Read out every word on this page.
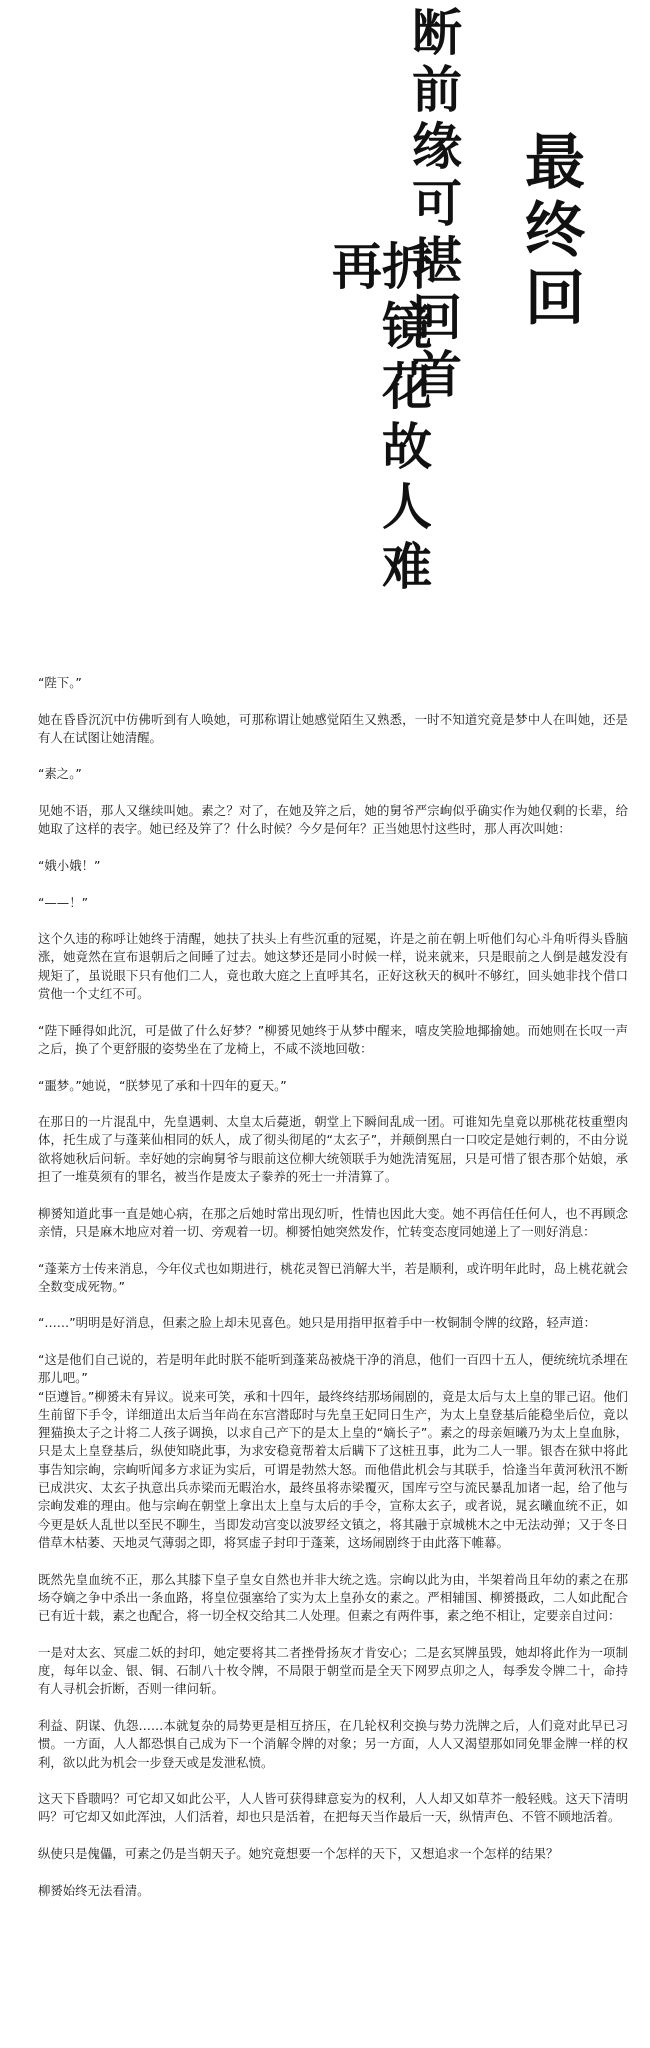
最终回
断前缘可堪回首
折镜花故人难再

“陛下。”

她在昏昏沉沉中仿佛听到有人唤她，可那称谓让她感觉陌生又熟悉，一时不知道究竟是梦中人在叫她，还是有人在试图让她清醒。

“素之。”

见她不语，那人又继续叫她。素之？对了，在她及笄之后，她的舅爷严宗峋似乎确实作为她仅剩的长辈，给她取了这样的表字。她已经及笄了？什么时候？今夕是何年？正当她思忖这些时，那人再次叫她：

“娥小娥！”

“——！”

这个久违的称呼让她终于清醒，她扶了扶头上有些沉重的冠冕，许是之前在朝上听他们勾心斗角听得头昏脑涨，她竟然在宣布退朝后之间睡了过去。她这梦还是同小时候一样，说来就来，只是眼前之人倒是越发没有规矩了，虽说眼下只有他们二人，竟也敢大庭之上直呼其名，正好这秋天的枫叶不够红，回头她非找个借口赏他一个丈红不可。

“陛下睡得如此沉，可是做了什么好梦？”柳赟见她终于从梦中醒来，嘻皮笑脸地揶揄她。而她则在长叹一声之后，换了个更舒服的姿势坐在了龙椅上，不咸不淡地回敬：

“噩梦。”她说，“朕梦见了承和十四年的夏天。”

在那日的一片混乱中，先皇遇刺、太皇太后薨逝，朝堂上下瞬间乱成一团。可谁知先皇竟以那桃花枝重塑肉体，托生成了与蓬莱仙相同的妖人，成了彻头彻尾的“太玄子”，并颠倒黑白一口咬定是她行刺的，不由分说欲将她秋后问斩。幸好她的宗峋舅爷与眼前这位柳大统领联手为她洗清冤屈，只是可惜了银杏那个姑娘，承担了一堆莫须有的罪名，被当作是废太子豢养的死士一并清算了。

柳赟知道此事一直是她心病，在那之后她时常出现幻听，性情也因此大变。她不再信任任何人，也不再顾念亲情，只是麻木地应对着一切、旁观着一切。柳赟怕她突然发作，忙转变态度同她递上了一则好消息：

“蓬莱方士传来消息，今年仪式也如期进行，桃花灵智已消解大半，若是顺利，或许明年此时，岛上桃花就会全数变成死物。”

“……”明明是好消息，但素之脸上却未见喜色。她只是用指甲抠着手中一枚铜制令牌的纹路，轻声道：

“这是他们自己说的，若是明年此时朕不能听到蓬莱岛被烧干净的消息，他们一百四十五人，便统统坑杀埋在那儿吧。”
“臣遵旨。”柳赟未有异议。说来可笑，承和十四年，最终终结那场闹剧的，竟是太后与太上皇的罪己诏。他们生前留下手令，详细道出太后当年尚在东宫潜邸时与先皇王妃同日生产，为太上皇登基后能稳坐后位，竟以狸猫换太子之计将二人孩子调换，以求自己产下的是太上皇的“嫡长子”。素之的母亲姮曦乃为太上皇血脉，只是太上皇登基后，纵使知晓此事，为求安稳竟帮着太后瞒下了这桩丑事，此为二人一罪。银杏在狱中将此事告知宗峋，宗峋听闻多方求证为实后，可谓是勃然大怒。而他借此机会与其联手，恰逢当年黄河秋汛不断已成洪灾、太玄子执意出兵赤梁而无暇治水，最终虽将赤梁覆灭，国库亏空与流民暴乱加诸一起，给了他与宗峋发难的理由。他与宗峋在朝堂上拿出太上皇与太后的手令，宣称太玄子，或者说，晁玄曦血统不正，如今更是妖人乱世以至民不聊生，当即发动宫变以波罗经文镇之，将其融于京城桃木之中无法动弹；又于冬日借草木枯萎、天地灵气薄弱之即，将冥虚子封印于蓬莱，这场闹剧终于由此落下帷幕。

既然先皇血统不正，那么其膝下皇子皇女自然也并非大统之选。宗峋以此为由，半架着尚且年幼的素之在那场夺嫡之争中杀出一条血路，将皇位强塞给了实为太上皇孙女的素之。严相辅国、柳赟摄政，二人如此配合已有近十载，素之也配合，将一切全权交给其二人处理。但素之有两件事，素之绝不相让，定要亲自过问：

一是对太玄、冥虚二妖的封印，她定要将其二者挫骨扬灰才肯安心；二是玄冥牌虽毁，她却将此作为一项制度，每年以金、银、铜、石制八十枚令牌，不局限于朝堂而是全天下网罗点卯之人，每季发令牌二十，命持有人寻机会折断，否则一律问斩。

利益、阴谋、仇怨……本就复杂的局势更是相互挤压，在几轮权利交换与势力洗牌之后，人们竟对此早已习惯。一方面，人人都恐惧自己成为下一个消解令牌的对象；另一方面，人人又渴望那如同免罪金牌一样的权利，欲以此为机会一步登天或是发泄私愤。

这天下昏聩吗？可它却又如此公平，人人皆可获得肆意妄为的权利，人人却又如草芥一般轻贱。这天下清明吗？可它却又如此浑浊，人们活着，却也只是活着，在把每天当作最后一天，纵情声色、不管不顾地活着。

纵使只是傀儡，可素之仍是当朝天子。她究竟想要一个怎样的天下，又想追求一个怎样的结果？

柳赟始终无法看清。
